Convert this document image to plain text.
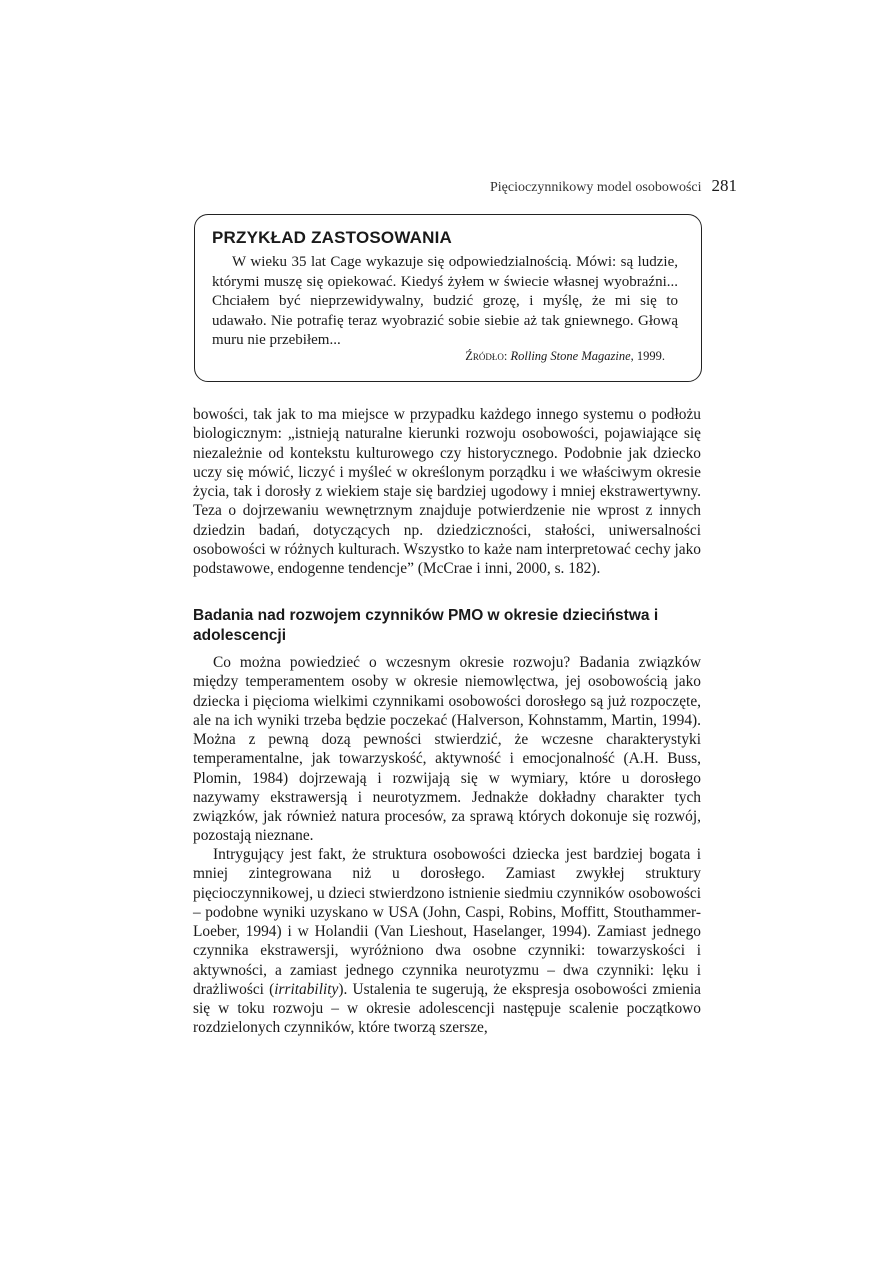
Pięcioczynnikowy model osobowości 281
PRZYKŁAD ZASTOSOWANIA

W wieku 35 lat Cage wykazuje się odpowiedzialnością. Mówi: są ludzie, którymi muszę się opiekować. Kiedyś żyłem w świecie własnej wyobraźni... Chciałem być nieprzewidywalny, budzić grozę, i myślę, że mi się to udawało. Nie potrafię teraz wyobrazić sobie siebie aż tak gniewnego. Głową muru nie przebiłem...

Źródło: Rolling Stone Magazine, 1999.

bowości, tak jak to ma miejsce w przypadku każdego innego systemu o podłożu biologicznym: „istnieją naturalne kierunki rozwoju osobowości, pojawiające się niezależnie od kontekstu kulturowego czy historycznego. Podobnie jak dziecko uczy się mówić, liczyć i myśleć w określonym porządku i we właściwym okresie życia, tak i dorosły z wiekiem staje się bardziej ugodowy i mniej ekstrawertywny. Teza o dojrzewaniu wewnętrznym znajduje potwierdzenie nie wprost z innych dziedzin badań, dotyczących np. dziedziczności, stałości, uniwersalności osobowości w różnych kulturach. Wszystko to każe nam interpretować cechy jako podstawowe, endogenne tendencje” (McCrae i inni, 2000, s. 182).

Badania nad rozwojem czynników PMO w okresie dzieciństwa i adolescencji

Co można powiedzieć o wczesnym okresie rozwoju? Badania związków między temperamentem osoby w okresie niemowlęctwa, jej osobowością jako dziecka i pięcioma wielkimi czynnikami osobowości dorosłego są już rozpoczęte, ale na ich wyniki trzeba będzie poczekać (Halverson, Kohnstamm, Martin, 1994). Można z pewną dozą pewności stwierdzić, że wczesne charakterystyki temperamentalne, jak towarzyskość, aktywność i emocjonalność (A.H. Buss, Plomin, 1984) dojrzewają i rozwijają się w wymiary, które u dorosłego nazywamy ekstrawersją i neurotyzmem. Jednakże dokładny charakter tych związków, jak również natura procesów, za sprawą których dokonuje się rozwój, pozostają nieznane.

Intrygujący jest fakt, że struktura osobowości dziecka jest bardziej bogata i mniej zintegrowana niż u dorosłego. Zamiast zwykłej struktury pięcioczynnikowej, u dzieci stwierdzono istnienie siedmiu czynników osobowości – podobne wyniki uzyskano w USA (John, Caspi, Robins, Moffitt, Stouthammer-Loeber, 1994) i w Holandii (Van Lieshout, Haselanger, 1994). Zamiast jednego czynnika ekstrawersji, wyróżniono dwa osobne czynniki: towarzyskości i aktywności, a zamiast jednego czynnika neurotyzmu – dwa czynniki: lęku i drażliwości (irritability). Ustalenia te sugerują, że ekspresja osobowości zmienia się w toku rozwoju – w okresie adolescencji następuje scalenie początkowo rozdzielonych czynników, które tworzą szersze,
